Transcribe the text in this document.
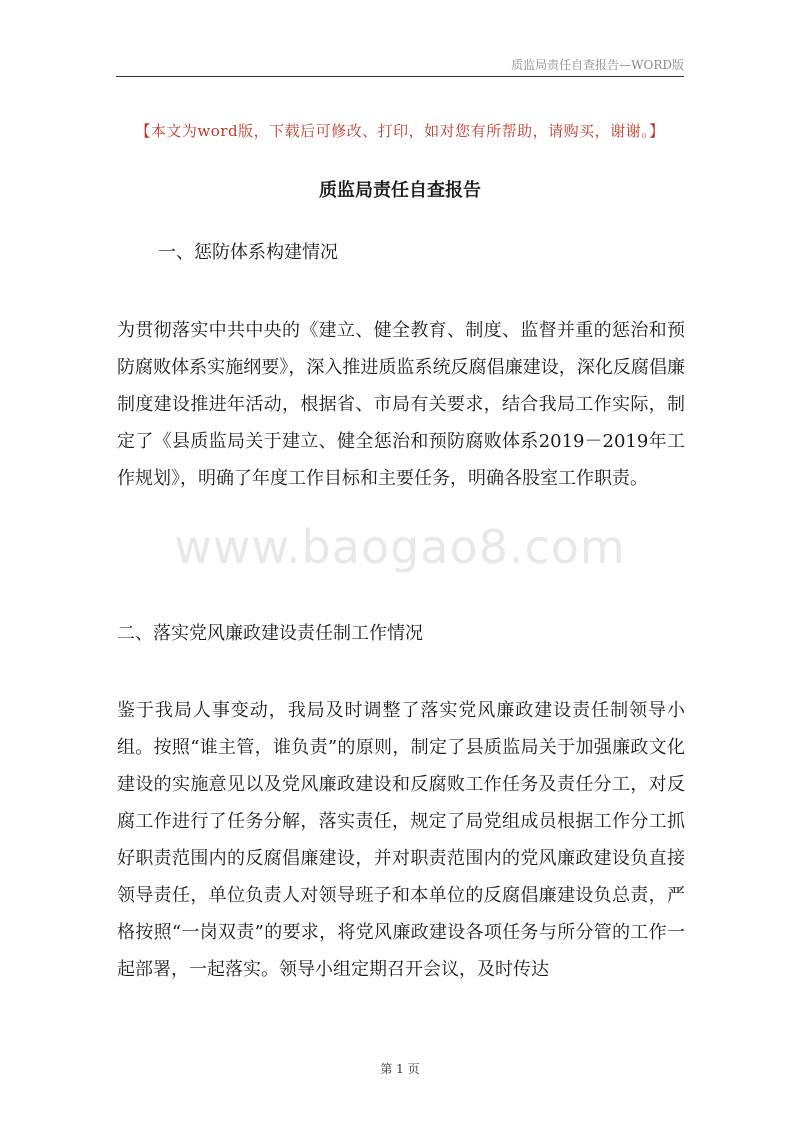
质监局责任自查报告—WORD版
【本文为word版，下载后可修改、打印，如对您有所帮助，请购买，谢谢。】
质监局责任自查报告
一、惩防体系构建情况
为贯彻落实中共中央的《建立、健全教育、制度、监督并重的惩治和预防腐败体系实施纲要》，深入推进质监系统反腐倡廉建设，深化反腐倡廉制度建设推进年活动，根据省、市局有关要求，结合我局工作实际，制定了《县质监局关于建立、健全惩治和预防腐败体系2019－2019年工作规划》，明确了年度工作目标和主要任务，明确各股室工作职责。
www.baogao8.com
二、落实党风廉政建设责任制工作情况
鉴于我局人事变动，我局及时调整了落实党风廉政建设责任制领导小组。按照“谁主管，谁负责”的原则，制定了县质监局关于加强廉政文化建设的实施意见以及党风廉政建设和反腐败工作任务及责任分工，对反腐工作进行了任务分解，落实责任，规定了局党组成员根据工作分工抓好职责范围内的反腐倡廉建设，并对职责范围内的党风廉政建设负直接领导责任，单位负责人对领导班子和本单位的反腐倡廉建设负总责，严格按照“一岗双责”的要求，将党风廉政建设各项任务与所分管的工作一起部署，一起落实。领导小组定期召开会议，及时传达
第 1 页
